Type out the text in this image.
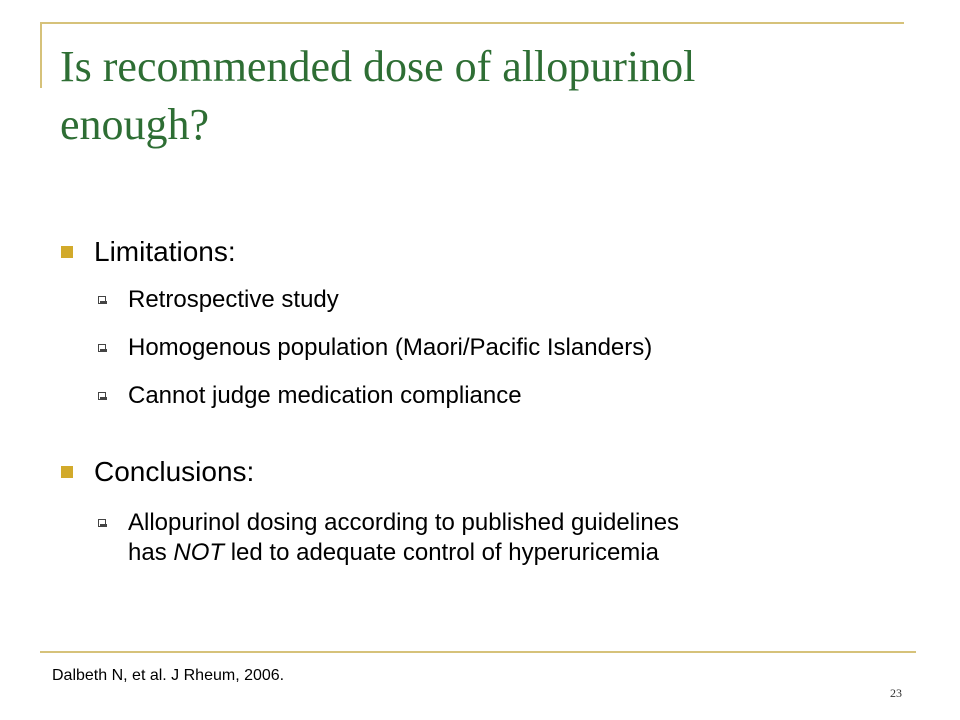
Is recommended dose of allopurinol
enough?
Limitations:
Retrospective study
Homogenous population (Maori/Pacific Islanders)
Cannot judge medication compliance
Conclusions:
Allopurinol dosing according to published guidelines
has NOT led to adequate control of hyperuricemia
Dalbeth N, et al. J Rheum, 2006.
23
